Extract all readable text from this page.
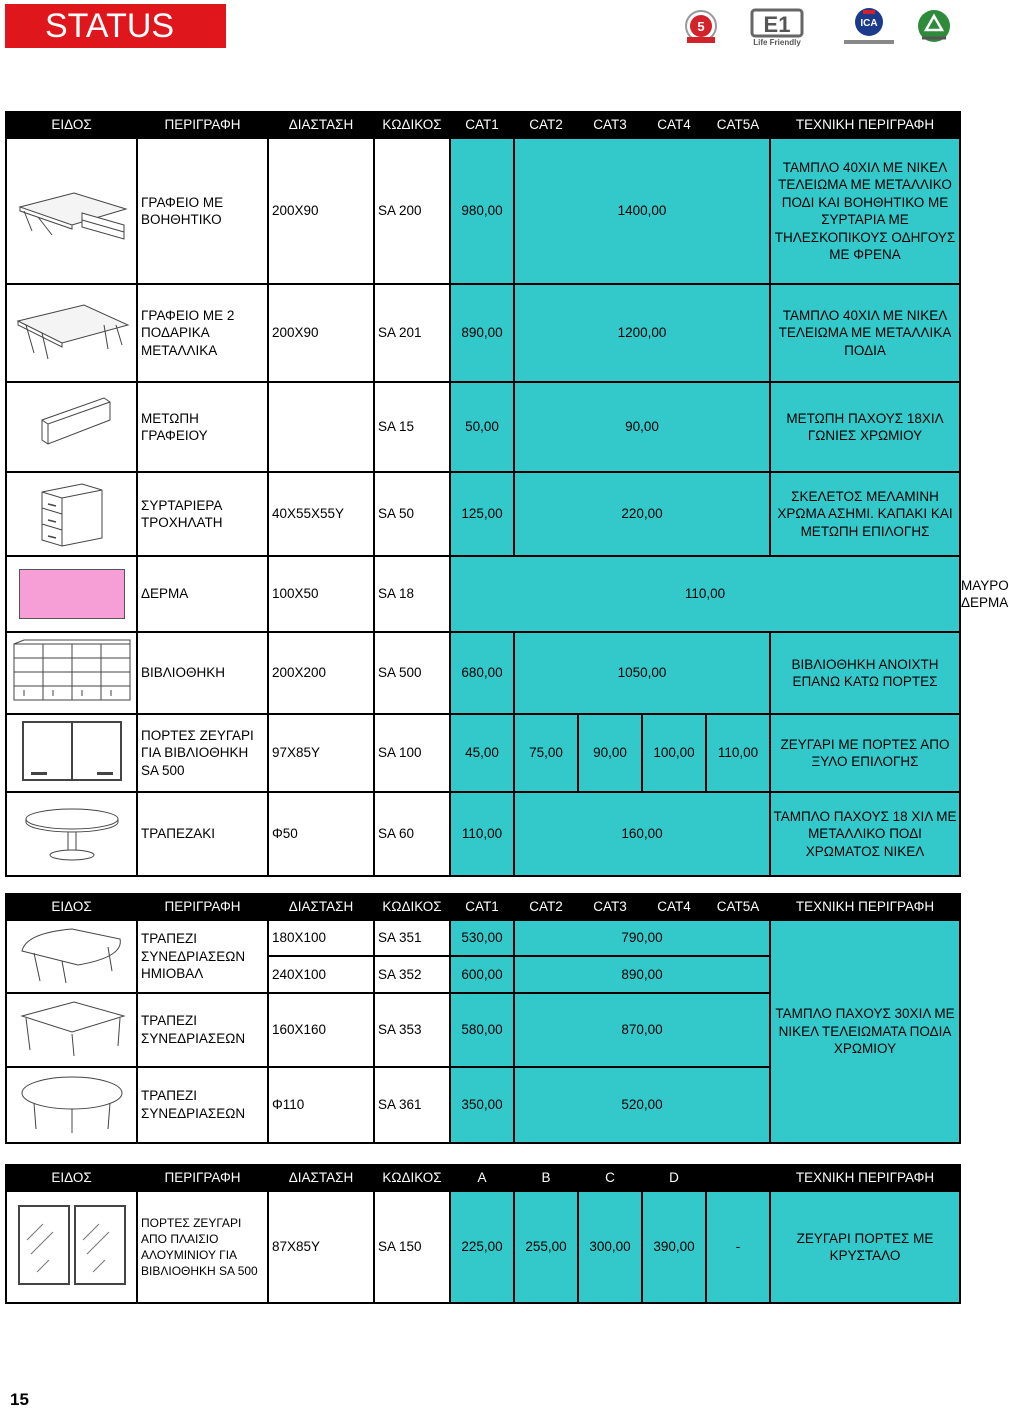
STATUS	5	E1
Life Friendly
ICA
ΕΙΔΟΣ	ΠΕΡΙΓΡΑΦΗ	ΔΙΑΣΤΑΣΗ	ΚΩΔΙΚΟΣ	CAT1	CAT2	CAT3	CAT4	CAT5A	ΤΕΧΝΙΚΗ ΠΕΡΙΓΡΑΦΗ	
	ΓΡΑΦΕΙΟ ΜΕ ΒΟΗΘΗΤΙΚΟ	200Χ90	SA 200	980,00	1400,00				ΤΑΜΠΛΟ 40ΧΙΛ ΜΕ ΝΙΚΕΛ ΤΕΛΕΙΩΜΑ ΜΕ ΜΕΤΑΛΛΙΚΟ ΠΟΔΙ ΚΑΙ ΒΟΗΘΗΤΙΚΟ ΜΕ ΣΥΡΤΑΡΙΑ ΜΕ ΤΗΛΕΣΚΟΠΙΚΟΥΣ ΟΔΗΓΟΥΣ ΜΕ ΦΡΕΝΑ	
	ΓΡΑΦΕΙΟ ΜΕ 2 ΠΟΔΑΡΙΚΑ ΜΕΤΑΛΛΙΚΑ	200Χ90	SA 201	890,00	1200,00				ΤΑΜΠΛΟ 40ΧΙΛ ΜΕ ΝΙΚΕΛ ΤΕΛΕΙΩΜΑ ΜΕ ΜΕΤΑΛΛΙΚΑ ΠΟΔΙΑ	
	ΜΕΤΩΠΗ ΓΡΑΦΕΙΟΥ		SA 15	50,00	90,00				ΜΕΤΩΠΗ ΠΑΧΟΥΣ 18ΧΙΛ ΓΩΝΙΕΣ ΧΡΩΜΙΟΥ	
	ΣΥΡΤΑΡΙΕΡΑ ΤΡΟΧΗΛΑΤΗ	40Χ55Χ55Υ	SA 50	125,00	220,00				ΣΚΕΛΕΤΟΣ ΜΕΛΑΜΙΝΗ ΧΡΩΜΑ ΑΣΗΜΙ. ΚΑΠΑΚΙ ΚΑΙ ΜΕΤΩΠΗ ΕΠΙΛΟΓΗΣ	

	ΔΕΡΜΑ	100Χ50	SA 18	110,00						ΜΑΥΡΟ ΔΕΡΜΑ
	ΒΙΒΛΙΟΘΗΚΗ	200Χ200	SA 500	680,00	1050,00				ΒΙΒΛΙΟΘΗΚΗ ΑΝΟΙΧΤΗ ΕΠΑΝΩ ΚΑΤΩ ΠΟΡΤΕΣ	
	ΠΟΡΤΕΣ ΖΕΥΓΑΡΙ ΓΙΑ ΒΙΒΛΙΟΘΗΚΗ SA 500	97Χ85Υ	SA 100	45,00	75,00	90,00	100,00	110,00	ΖΕΥΓΑΡΙ ΜΕ ΠΟΡΤΕΣ ΑΠΟ ΞΥΛΟ ΕΠΙΛΟΓΗΣ	
	ΤΡΑΠΕΖΑΚΙ	Φ50	SA 60	110,00	160,00				ΤΑΜΠΛΟ ΠΑΧΟΥΣ 18 ΧΙΛ ΜΕ ΜΕΤΑΛΛΙΚΟ ΠΟΔΙ ΧΡΩΜΑΤΟΣ ΝΙΚΕΛ	
ΕΙΔΟΣ	ΠΕΡΙΓΡΑΦΗ	ΔΙΑΣΤΑΣΗ	ΚΩΔΙΚΟΣ	CAT1	CAT2	CAT3	CAT4	CAT5A	ΤΕΧΝΙΚΗ ΠΕΡΙΓΡΑΦΗ
	ΤΡΑΠΕΖΙ ΣΥΝΕΔΡΙΑΣΕΩΝ ΗΜΙΟΒΑΛ	180Χ100	SA 351	530,00	790,00				ΤΑΜΠΛΟ ΠΑΧΟΥΣ 30ΧΙΛ ΜΕ ΝΙΚΕΛ ΤΕΛΕΙΩΜΑΤΑ ΠΟΔΙΑ ΧΡΩΜΙΟΥ
		240Χ100	SA 352	600,00	890,00				
	ΤΡΑΠΕΖΙ ΣΥΝΕΔΡΙΑΣΕΩΝ	160Χ160	SA 353	580,00	870,00				
	ΤΡΑΠΕΖΙ ΣΥΝΕΔΡΙΑΣΕΩΝ	Φ110	SA 361	350,00	520,00				
ΕΙΔΟΣ	ΠΕΡΙΓΡΑΦΗ	ΔΙΑΣΤΑΣΗ	ΚΩΔΙΚΟΣ	A	B	C	D		ΤΕΧΝΙΚΗ ΠΕΡΙΓΡΑΦΗ
	ΠΟΡΤΕΣ ΖΕΥΓΑΡΙ ΑΠΟ ΠΛΑΙΣΙΟ ΑΛΟΥΜΙΝΙΟΥ ΓΙΑ ΒΙΒΛΙΟΘΗΚΗ SA 500	87Χ85Υ	SA 150	225,00	255,00	300,00	390,00	-	ΖΕΥΓΑΡΙ ΠΟΡΤΕΣ ΜΕ ΚΡΥΣΤΑΛΟ
15
